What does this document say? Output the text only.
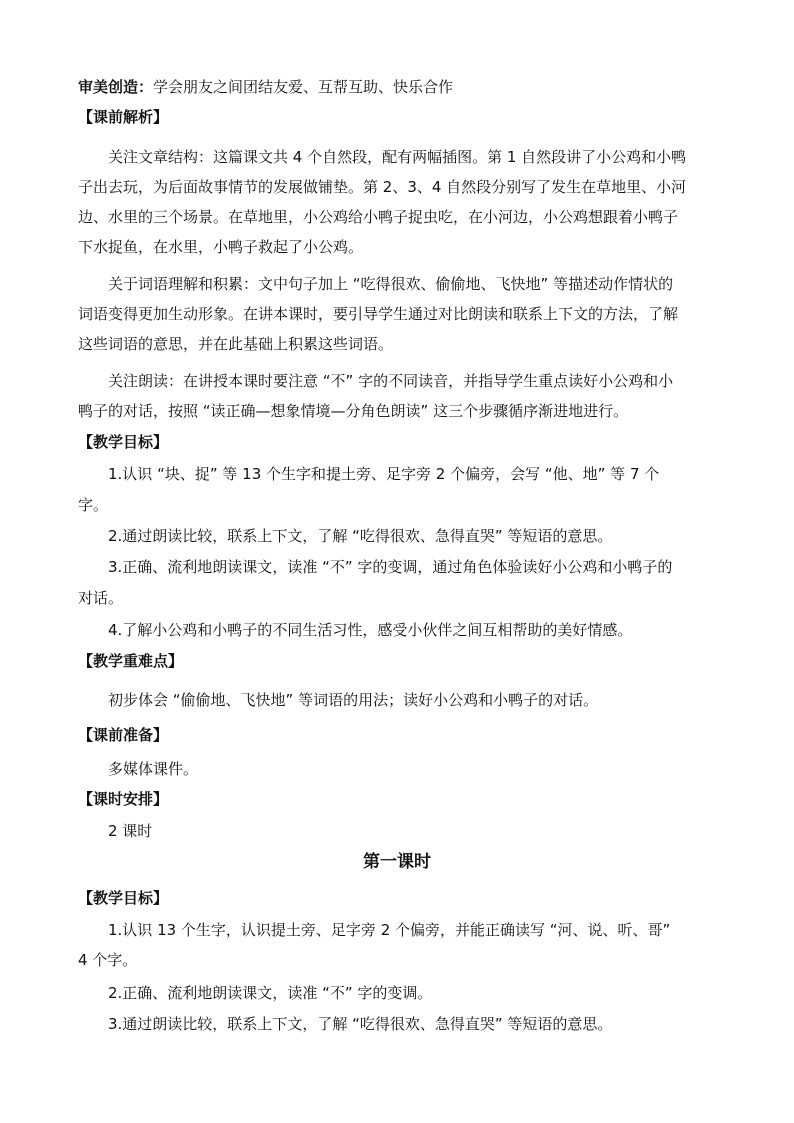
审美创造：学会朋友之间团结友爱、互帮互助、快乐合作
【课前解析】
关注文章结构：这篇课文共 4 个自然段，配有两幅插图。第 1 自然段讲了小公鸡和小鸭
子出去玩，为后面故事情节的发展做铺垫。第 2、3、4 自然段分别写了发生在草地里、小河
边、水里的三个场景。在草地里，小公鸡给小鸭子捉虫吃，在小河边，小公鸡想跟着小鸭子
下水捉鱼，在水里，小鸭子救起了小公鸡。
关于词语理解和积累：文中句子加上 “吃得很欢、偷偷地、飞快地” 等描述动作情状的
词语变得更加生动形象。在讲本课时，要引导学生通过对比朗读和联系上下文的方法，了解
这些词语的意思，并在此基础上积累这些词语。
关注朗读：在讲授本课时要注意 “不” 字的不同读音，并指导学生重点读好小公鸡和小
鸭子的对话，按照 “读正确—想象情境—分角色朗读” 这三个步骤循序渐进地进行。
【教学目标】
1.认识 “块、捉” 等 13 个生字和提土旁、足字旁 2 个偏旁，会写 “他、地” 等 7 个
字。
2.通过朗读比较，联系上下文，了解 “吃得很欢、急得直哭” 等短语的意思。
3.正确、流利地朗读课文，读准 “不” 字的变调，通过角色体验读好小公鸡和小鸭子的
对话。
4.了解小公鸡和小鸭子的不同生活习性，感受小伙伴之间互相帮助的美好情感。
【教学重难点】
初步体会 “偷偷地、飞快地” 等词语的用法；读好小公鸡和小鸭子的对话。
【课前准备】
多媒体课件。
【课时安排】
2 课时
第一课时
【教学目标】
1.认识 13 个生字，认识提土旁、足字旁 2 个偏旁，并能正确读写 “河、说、听、哥”
4 个字。
2.正确、流利地朗读课文，读准 “不” 字的变调。
3.通过朗读比较，联系上下文，了解 “吃得很欢、急得直哭” 等短语的意思。
